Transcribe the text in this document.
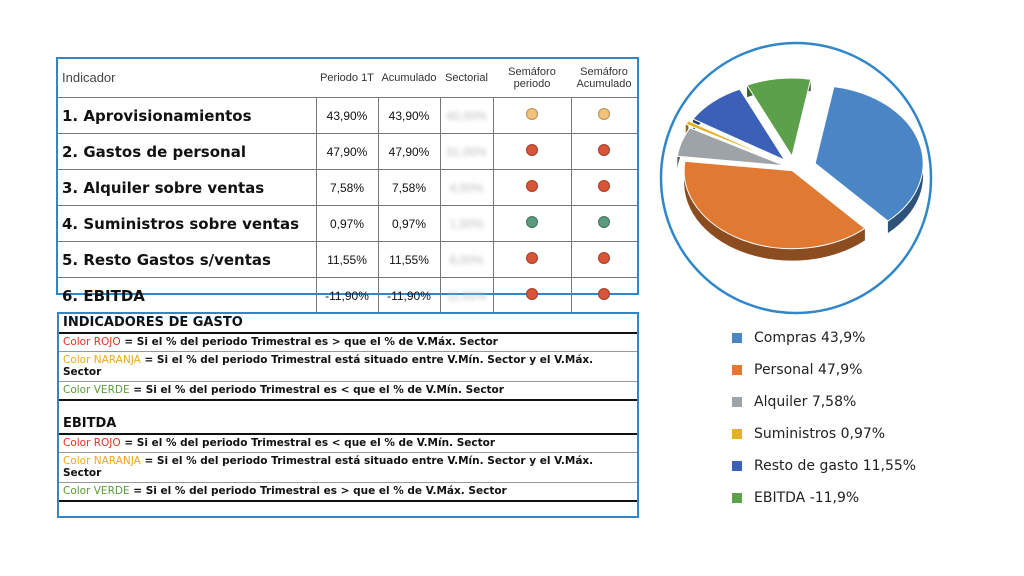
Indicador	Periodo 1T	Acumulado	Sectorial	Semáforo periodo	Semáforo Acumulado
1. Aprovisionamientos	43,90%	43,90%	40,00%		
2. Gastos de personal	47,90%	47,90%	31,00%		
3. Alquiler sobre ventas	7,58%	7,58%	4,00%		
4. Suministros sobre ventas	0,97%	0,97%	1,50%		
5. Resto Gastos s/ventas	11,55%	11,55%	8,00%		
6. EBITDA	-11,90%	-11,90%	11,00%		
INDICADORES DE GASTO
Color ROJO = Si el % del periodo Trimestral es > que el % de V.Máx. Sector
Color NARANJA = Si el % del periodo Trimestral está situado entre V.Mín. Sector y el V.Máx. Sector
Color VERDE = Si el % del periodo Trimestral es < que el % de V.Mín. Sector
EBITDA
Color ROJO = Si el % del periodo Trimestral es < que el % de V.Mín. Sector
Color NARANJA = Si el % del periodo Trimestral está situado entre V.Mín. Sector y el V.Máx. Sector
Color VERDE = Si el % del periodo Trimestral es > que el % de V.Máx. Sector
Compras 43,9%
Personal 47,9%
Alquiler 7,58%
Suministros 0,97%
Resto de gasto 11,55%
EBITDA -11,9%
